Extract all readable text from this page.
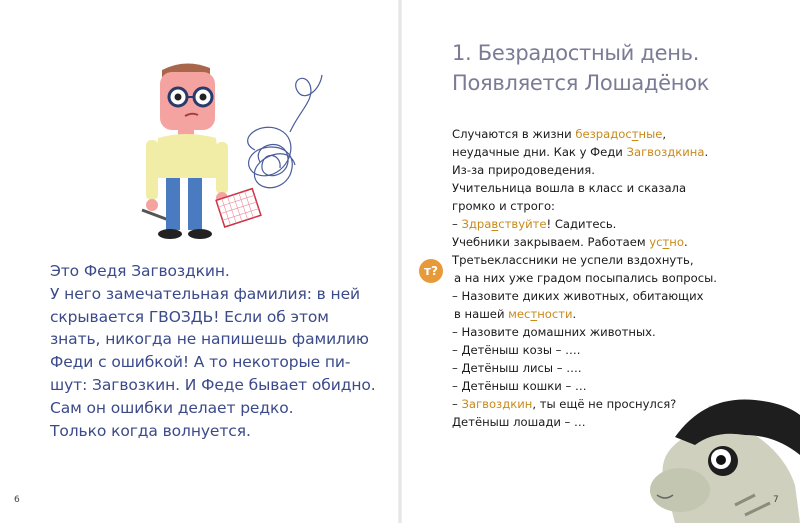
Это Федя Загвоздкин.
У него замечательная фамилия: в ней
скрывается ГВОЗДЬ! Если об этом
знать, никогда не напишешь фамилию
Феди с ошибкой! А то некоторые пи-
шут: Загвозкин. И Феде бывает обидно.
Сам он ошибки делает редко.
Только когда волнуется.
6
1. Безрадостный день.
Появляется Лошадёнок
т?
Случаются в жизни безрадостные,
неудачные дни. Как у Феди Загвоздкина.
Из-за природоведения.
Учительница вошла в класс и сказала
громко и строго:
– Здравствуйте! Садитесь.
Учебники закрываем. Работаем устно.
Третьеклассники не успели вздохнуть,
а на них уже градом посыпались вопросы.
– Назовите диких животных, обитающих
в нашей местности.
– Назовите домашних животных.
– Детёныш козы – ….
– Детёныш лисы – ….
– Детёныш кошки – …
– Загвоздкин, ты ещё не проснулся?
Детёныш лошади – …
7
